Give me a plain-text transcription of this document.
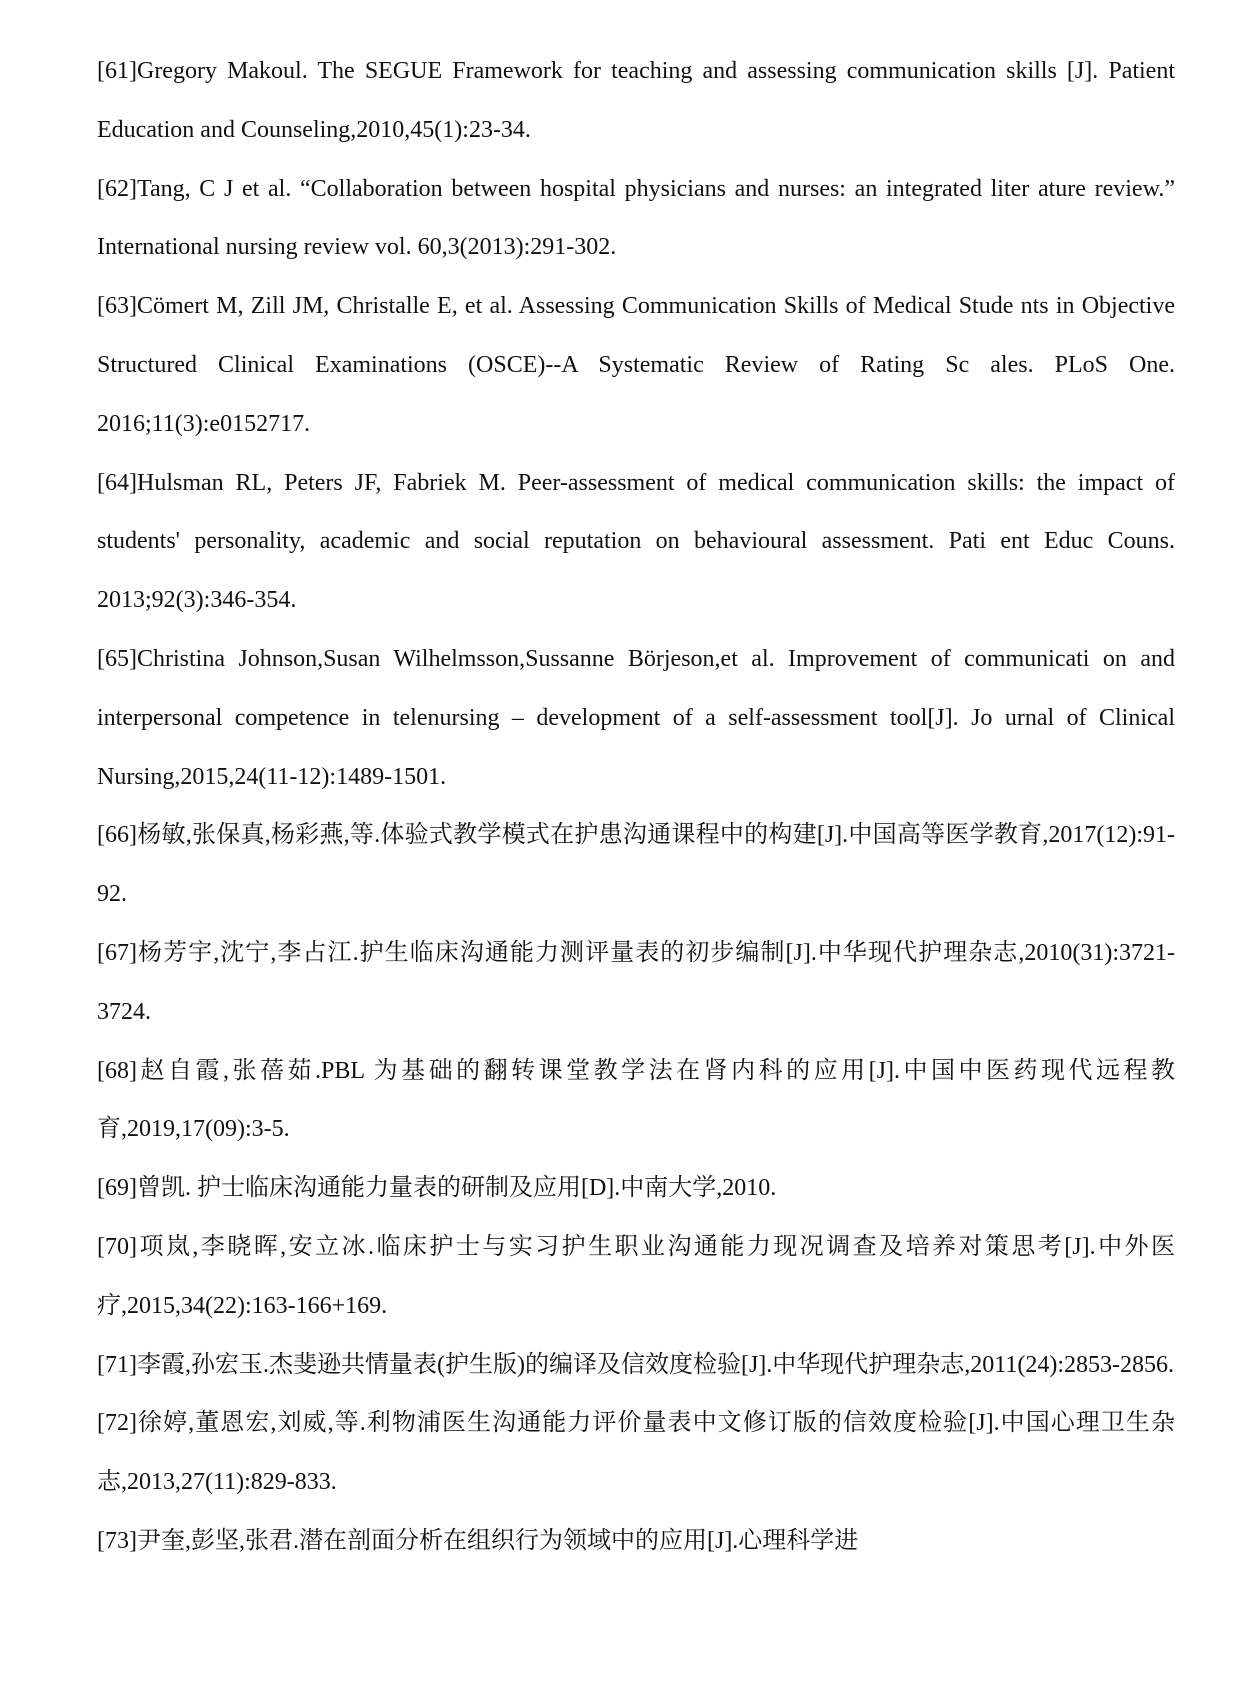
[61]Gregory Makoul. The SEGUE Framework for teaching and assessing communication skills [J]. Patient Education and Counseling,2010,45(1):23-34.

[62]Tang, C J et al. “Collaboration between hospital physicians and nurses: an integrated liter ature review.” International nursing review vol. 60,3(2013):291-302.

[63]Cömert M, Zill JM, Christalle E, et al. Assessing Communication Skills of Medical Stude nts in Objective Structured Clinical Examinations (OSCE)--A Systematic Review of Rating Sc ales. PLoS One. 2016;11(3):e0152717.

[64]Hulsman RL, Peters JF, Fabriek M. Peer-assessment of medical communication skills: the impact of students' personality, academic and social reputation on behavioural assessment. Pati ent Educ Couns. 2013;92(3):346-354.

[65]Christina Johnson,Susan Wilhelmsson,Sussanne Börjeson,et al. Improvement of communicati on and interpersonal competence in telenursing – development of a self-assessment tool[J]. Jo urnal of Clinical Nursing,2015,24(11-12):1489-1501.

[66]杨敏,张保真,杨彩燕,等.体验式教学模式在护患沟通课程中的构建[J].中国高等医学教育,2017(12):91-92.

[67]杨芳宇,沈宁,李占江.护生临床沟通能力测评量表的初步编制[J].中华现代护理杂志,2010(31):3721-3724.

[68]赵自霞,张蓓茹.PBL 为基础的翻转课堂教学法在肾内科的应用[J].中国中医药现代远程教育,2019,17(09):3-5.

[69]曾凯. 护士临床沟通能力量表的研制及应用[D].中南大学,2010.

[70]项岚,李晓晖,安立冰.临床护士与实习护生职业沟通能力现况调查及培养对策思考[J].中外医疗,2015,34(22):163-166+169.

[71]李霞,孙宏玉.杰斐逊共情量表(护生版)的编译及信效度检验[J].中华现代护理杂志,2011(24):2853-2856.

[72]徐婷,董恩宏,刘威,等.利物浦医生沟通能力评价量表中文修订版的信效度检验[J].中国心理卫生杂志,2013,27(11):829-833.

[73]尹奎,彭坚,张君.潜在剖面分析在组织行为领域中的应用[J].心理科学进
